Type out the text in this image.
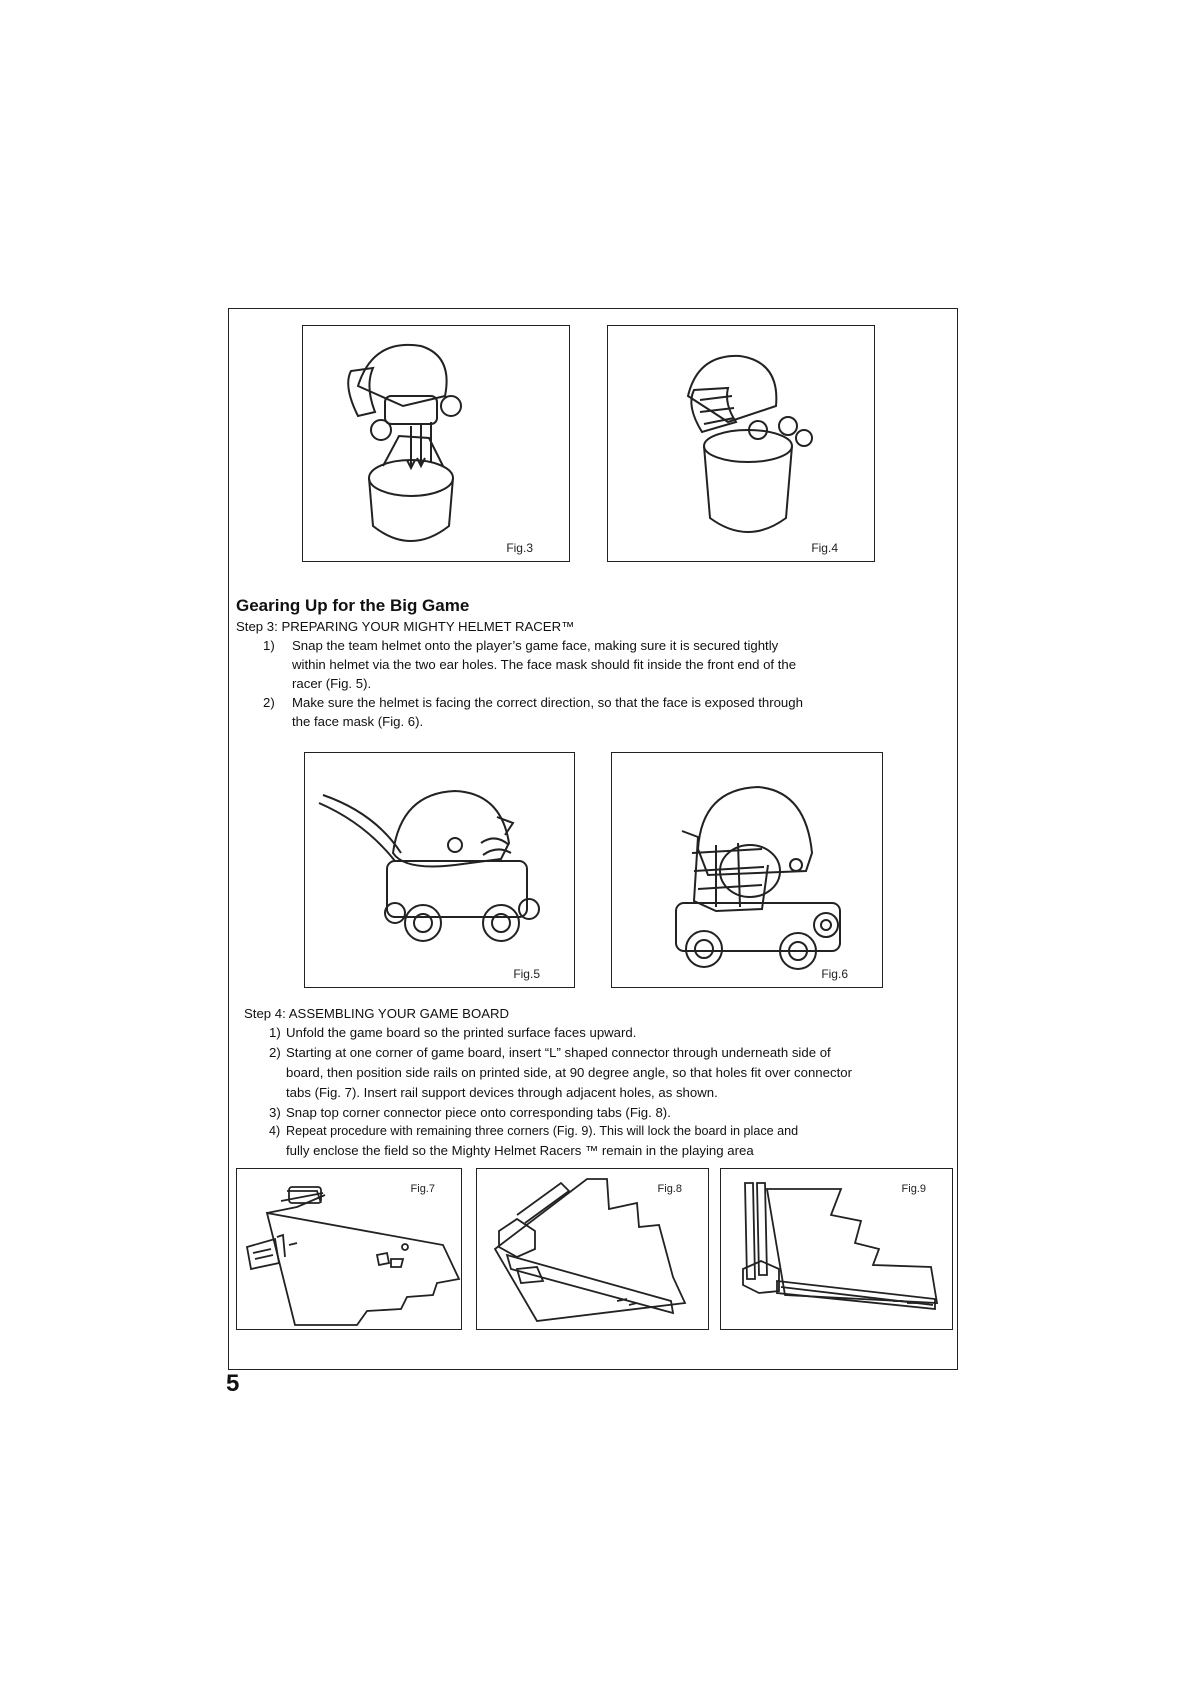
Fig.3	Fig.4
Gearing Up for the Big Game
Step 3: PREPARING YOUR MIGHTY HELMET RACER™
1) Snap the team helmet onto the player’s game face, making sure it is secured tightly
within helmet via the two ear holes. The face mask should fit inside the front end of the
racer (Fig. 5).
2) Make sure the helmet is facing the correct direction, so that the face is exposed through
the face mask (Fig. 6).
Fig.5	Fig.6
Step 4: ASSEMBLING YOUR GAME BOARD
1) Unfold the game board so the printed surface faces upward.
2) Starting at one corner of game board, insert “L” shaped connector through underneath side of
board, then position side rails on printed side, at 90 degree angle, so that holes fit over connector
tabs (Fig. 7). Insert rail support devices through adjacent holes, as shown.
3) Snap top corner connector piece onto corresponding tabs (Fig. 8).
4) Repeat procedure with remaining three corners (Fig. 9). This will lock the board in place and
fully enclose the field so the Mighty Helmet Racers ™ remain in the playing area
Fig.7	Fig.8	Fig.9
5
